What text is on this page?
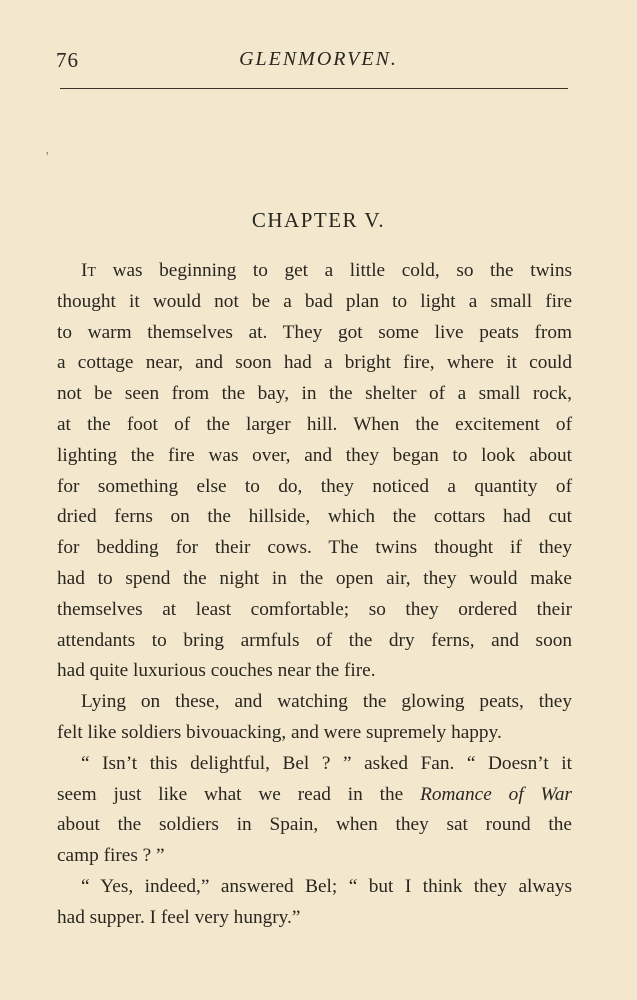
76	GLENMORVEN.
'
CHAPTER V.
It was beginning to get a little cold, so the twins
thought it would not be a bad plan to light a small fire
to warm themselves at. They got some live peats from
a cottage near, and soon had a bright fire, where it could
not be seen from the bay, in the shelter of a small rock,
at the foot of the larger hill. When the excitement of
lighting the fire was over, and they began to look about
for something else to do, they noticed a quantity of
dried ferns on the hillside, which the cottars had cut
for bedding for their cows. The twins thought if they
had to spend the night in the open air, they would make
themselves at least comfortable; so they ordered their
attendants to bring armfuls of the dry ferns, and soon
had quite luxurious couches near the fire.
Lying on these, and watching the glowing peats, they
felt like soldiers bivouacking, and were supremely happy.
“ Isn’t this delightful, Bel ? ” asked Fan. “ Doesn’t it
seem just like what we read in the Romance of War
about the soldiers in Spain, when they sat round the
camp fires ? ”
“ Yes, indeed,” answered Bel; “ but I think they always
had supper. I feel very hungry.”
